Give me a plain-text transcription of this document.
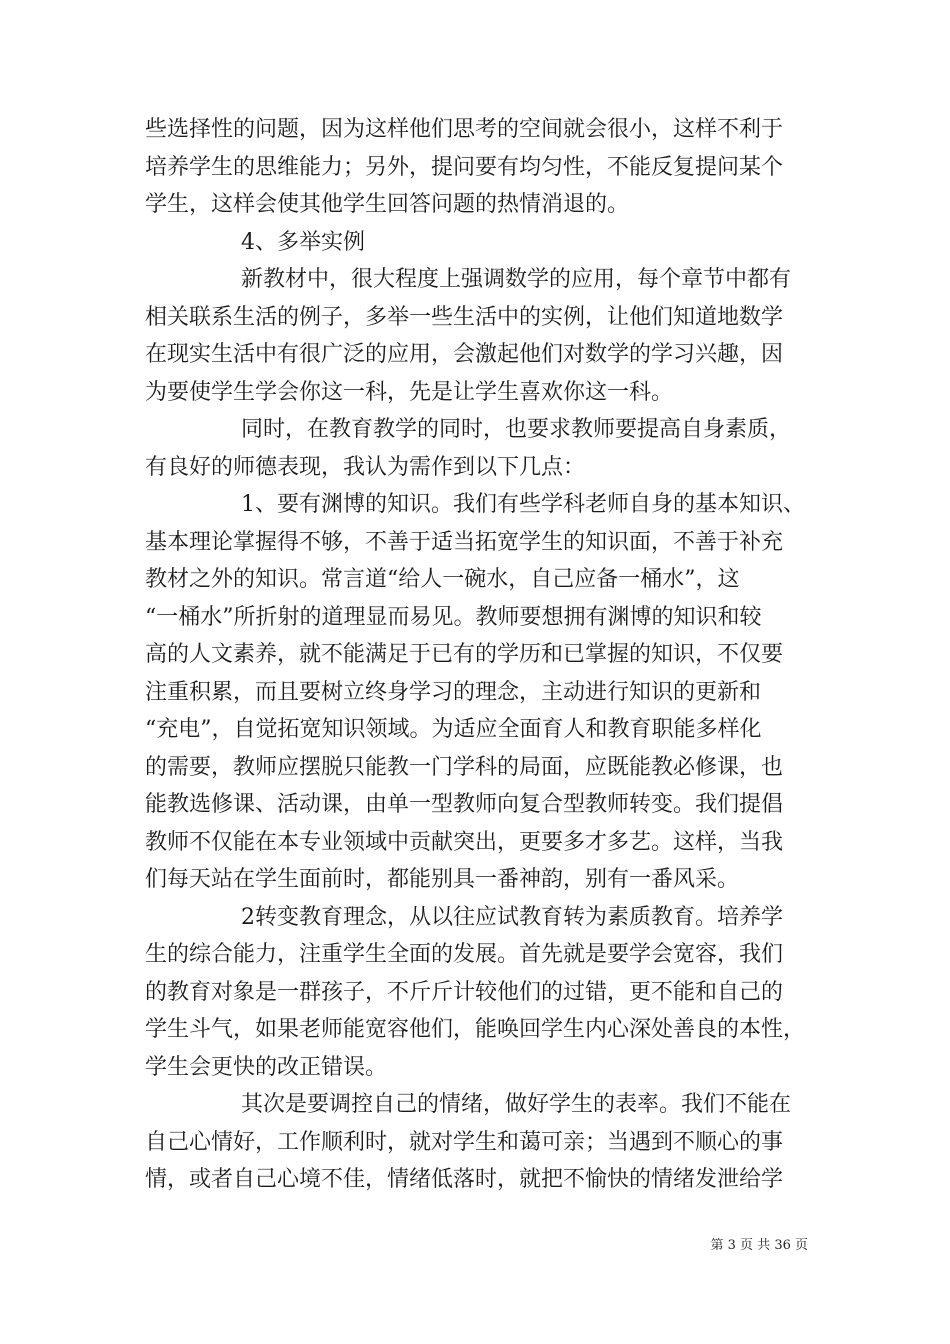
些选择性的问题，因为这样他们思考的空间就会很小，这样不利于
培养学生的思维能力；另外，提问要有均匀性，不能反复提问某个
学生，这样会使其他学生回答问题的热情消退的。
4、多举实例
新教材中，很大程度上强调数学的应用，每个章节中都有
相关联系生活的例子，多举一些生活中的实例，让他们知道地数学
在现实生活中有很广泛的应用，会激起他们对数学的学习兴趣，因
为要使学生学会你这一科，先是让学生喜欢你这一科。
同时，在教育教学的同时，也要求教师要提高自身素质，
有良好的师德表现，我认为需作到以下几点：
1、要有渊博的知识。我们有些学科老师自身的基本知识、
基本理论掌握得不够，不善于适当拓宽学生的知识面，不善于补充
教材之外的知识。常言道“给人一碗水，自己应备一桶水”，这
“一桶水”所折射的道理显而易见。教师要想拥有渊博的知识和较
高的人文素养，就不能满足于已有的学历和已掌握的知识，不仅要
注重积累，而且要树立终身学习的理念，主动进行知识的更新和
“充电”，自觉拓宽知识领域。为适应全面育人和教育职能多样化
的需要，教师应摆脱只能教一门学科的局面，应既能教必修课，也
能教选修课、活动课，由单一型教师向复合型教师转变。我们提倡
教师不仅能在本专业领域中贡献突出，更要多才多艺。这样，当我
们每天站在学生面前时，都能别具一番神韵，别有一番风采。
2转变教育理念，从以往应试教育转为素质教育。培养学
生的综合能力，注重学生全面的发展。首先就是要学会宽容，我们
的教育对象是一群孩子，不斤斤计较他们的过错，更不能和自己的
学生斗气，如果老师能宽容他们，能唤回学生内心深处善良的本性，
学生会更快的改正错误。
其次是要调控自己的情绪，做好学生的表率。我们不能在
自己心情好，工作顺利时，就对学生和蔼可亲；当遇到不顺心的事
情，或者自己心境不佳，情绪低落时，就把不愉快的情绪发泄给学
第 3 页 共 36 页
